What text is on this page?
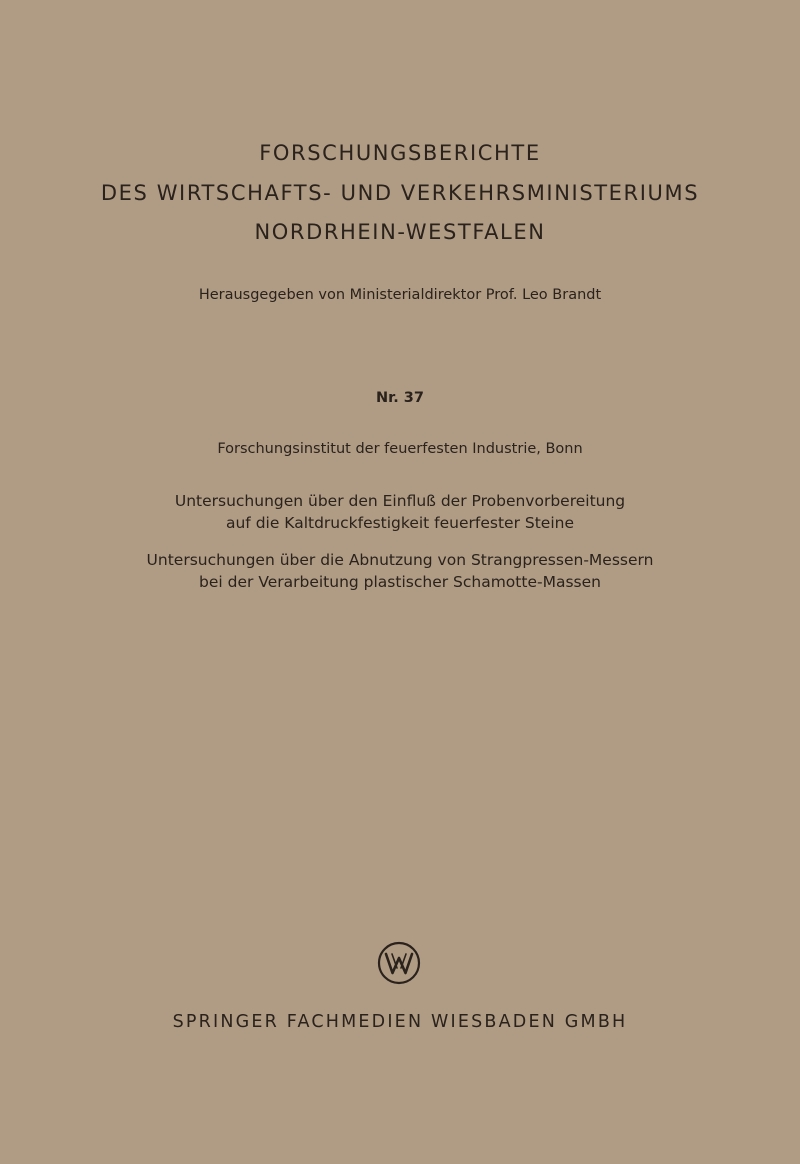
FORSCHUNGSBERICHTE
DES WIRTSCHAFTS- UND VERKEHRSMINISTERIUMS
NORDRHEIN-WESTFALEN
Herausgegeben von Ministerialdirektor Prof. Leo Brandt
Nr. 37
Forschungsinstitut der feuerfesten Industrie, Bonn
Untersuchungen über den Einfluß der Probenvorbereitung
auf die Kaltdruckfestigkeit feuerfester Steine
Untersuchungen über die Abnutzung von Strangpressen-Messern
bei der Verarbeitung plastischer Schamotte-Massen
SPRINGER FACHMEDIEN WIESBADEN GMBH
